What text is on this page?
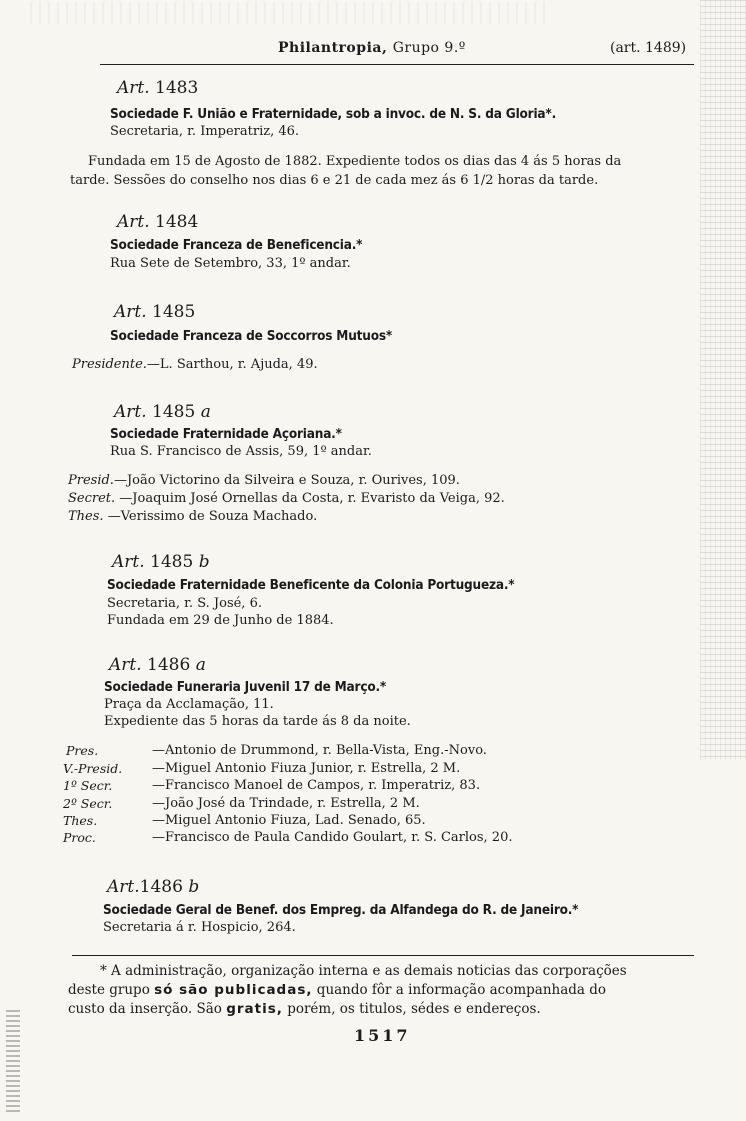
Philantropia, Grupo 9.º	(art. 1489)
Art. 1483
Sociedade F. União e Fraternidade, sob a invoc. de N. S. da Gloria*.
Secretaria, r. Imperatriz, 46.
Fundada em 15 de Agosto de 1882. Expediente todos os dias das 4 ás 5 horas da
tarde. Sessões do conselho nos dias 6 e 21 de cada mez ás 6 1/2 horas da tarde.
Art. 1484
Sociedade Franceza de Beneficencia.*
Rua Sete de Setembro, 33, 1º andar.
Art. 1485
Sociedade Franceza de Soccorros Mutuos*
Presidente.—L. Sarthou, r. Ajuda, 49.
Art. 1485 a
Sociedade Fraternidade Açoriana.*
Rua S. Francisco de Assis, 59, 1º andar.
Presid.—João Victorino da Silveira e Souza, r. Ourives, 109.
Secret. —Joaquim José Ornellas da Costa, r. Evaristo da Veiga, 92.
Thes. —Verissimo de Souza Machado.
Art. 1485 b
Sociedade Fraternidade Beneficente da Colonia Portugueza.*
Secretaria, r. S. José, 6.
Fundada em 29 de Junho de 1884.
Art. 1486 a
Sociedade Funeraria Juvenil 17 de Março.*
Praça da Acclamação, 11.
Expediente das 5 horas da tarde ás 8 da noite.
Pres.	—Antonio de Drummond, r. Bella-Vista, Eng.-Novo.
V.-Presid. —Miguel Antonio Fiuza Junior, r. Estrella, 2 M.
1º Secr.	—Francisco Manoel de Campos, r. Imperatriz, 83.
2º Secr.	—João José da Trindade, r. Estrella, 2 M.
Thes.	—Miguel Antonio Fiuza, Lad. Senado, 65.
Proc.	—Francisco de Paula Candido Goulart, r. S. Carlos, 20.
Art.1486 b
Sociedade Geral de Benef. dos Empreg. da Alfandega do R. de Janeiro.*
Secretaria á r. Hospicio, 264.
* A administração, organização interna e as demais noticias das corporações
deste grupo só são publicadas, quando fôr a informação acompanhada do
custo da inserção. São gratis, porém, os titulos, sédes e endereços.
1517
